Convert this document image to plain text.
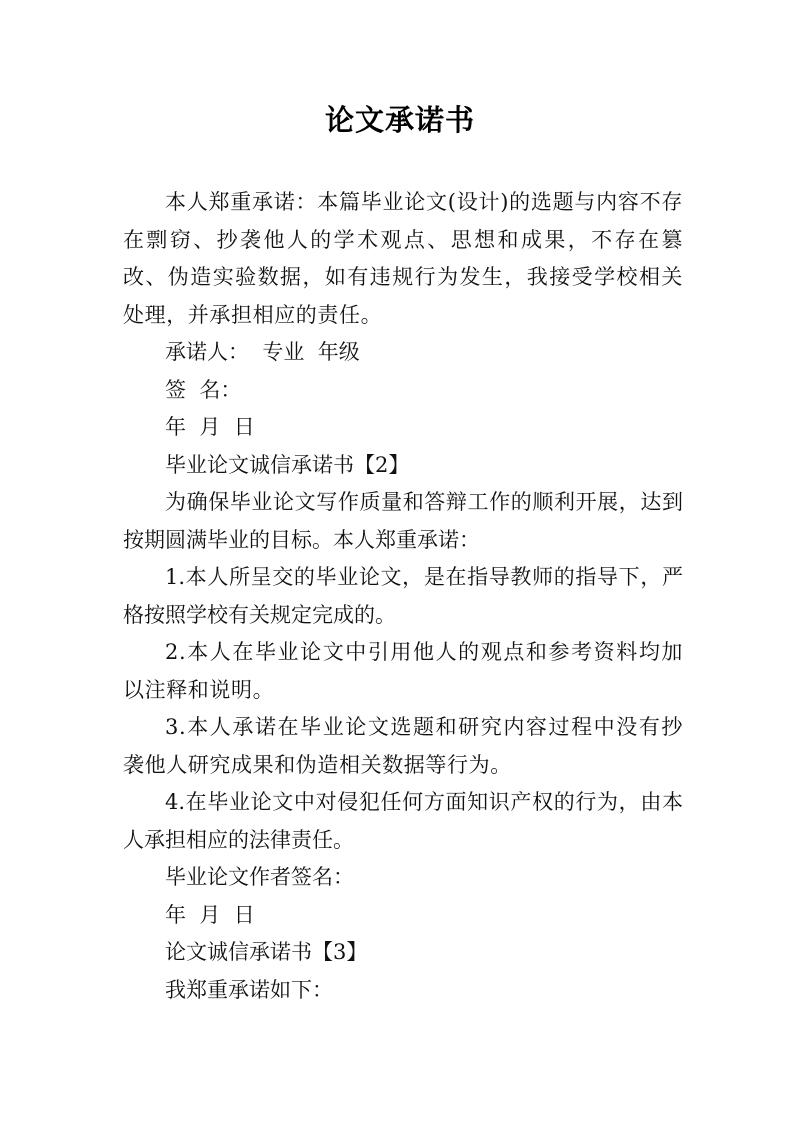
论文承诺书

本人郑重承诺：本篇毕业论文(设计)的选题与内容不存在剽窃、抄袭他人的学术观点、思想和成果，不存在篡改、伪造实验数据，如有违规行为发生，我接受学校相关处理，并承担相应的责任。

承诺人：  专业  年级

签  名：

年  月  日

毕业论文诚信承诺书【2】

为确保毕业论文写作质量和答辩工作的顺利开展，达到按期圆满毕业的目标。本人郑重承诺：

1.本人所呈交的毕业论文，是在指导教师的指导下，严格按照学校有关规定完成的。

2.本人在毕业论文中引用他人的观点和参考资料均加以注释和说明。

3.本人承诺在毕业论文选题和研究内容过程中没有抄袭他人研究成果和伪造相关数据等行为。

4.在毕业论文中对侵犯任何方面知识产权的行为，由本人承担相应的法律责任。

毕业论文作者签名：

年  月  日

论文诚信承诺书【3】

我郑重承诺如下：
